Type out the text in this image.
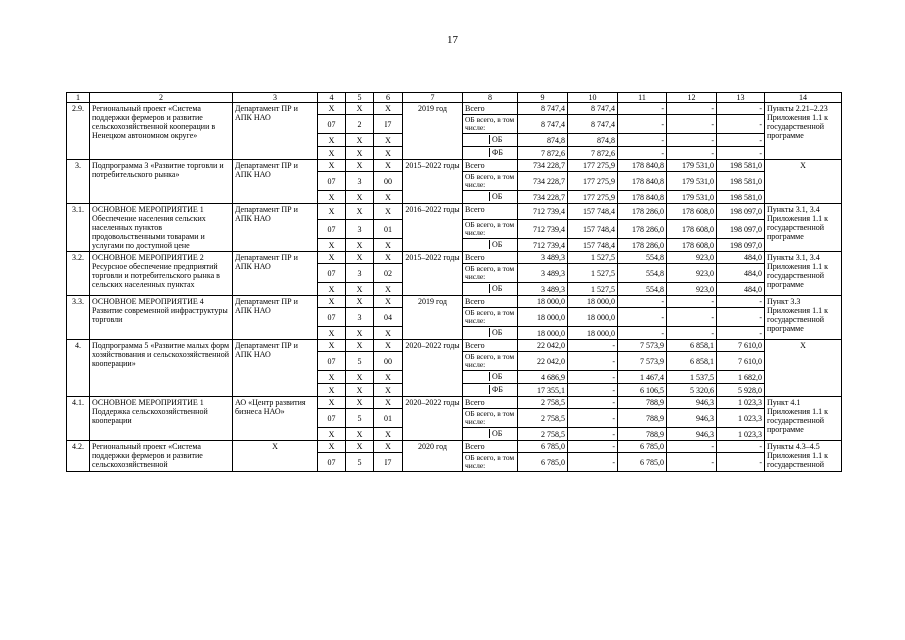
17
1	2	3	4	5	6	7	8	9	10	11	12	13	14
2.9.	Региональный проект «Система поддержки фермеров и развитие сельскохозяйственной кооперации в Ненецком автономном округе»	Департамент ПР и АПК НАО	X	X	X	2019 год	Всего	8 747,4	8 747,4	-	-	-	Пункты 2.21–2.23 Приложения 1.1 к государственной программе
			07	2	I7		ОБ всего, в том числе:	8 747,4	8 747,4	-	-	-	
			X	X	X		ОБ	874,8	874,8	-	-	-	
			X	X	X		ФБ	7 872,6	7 872,6	-	-	-	
3.	Подпрограмма 3 «Развитие торговли и потребительского рынка»	Департамент ПР и АПК НАО	X	X	X	2015–2022 годы	Всего	734 228,7	177 275,9	178 840,8	179 531,0	198 581,0	X
			07	3	00		ОБ всего, в том числе:	734 228,7	177 275,9	178 840,8	179 531,0	198 581,0	
			X	X	X		ОБ	734 228,7	177 275,9	178 840,8	179 531,0	198 581,0	
3.1.	ОСНОВНОЕ МЕРОПРИЯТИЕ 1 Обеспечение населения сельских населенных пунктов продовольственными товарами и услугами по доступной цене	Департамент ПР и АПК НАО	X	X	X	2016–2022 годы	Всего	712 739,4	157 748,4	178 286,0	178 608,0	198 097,0	Пункты 3.1, 3.4 Приложения 1.1 к государственной программе
			07	3	01		ОБ всего, в том числе:	712 739,4	157 748,4	178 286,0	178 608,0	198 097,0	
			X	X	X		ОБ	712 739,4	157 748,4	178 286,0	178 608,0	198 097,0	
3.2.	ОСНОВНОЕ МЕРОПРИЯТИЕ 2 Ресурсное обеспечение предприятий торговли и потребительского рынка в сельских населенных пунктах	Департамент ПР и АПК НАО	X	X	X	2015–2022 годы	Всего	3 489,3	1 527,5	554,8	923,0	484,0	Пункты 3.1, 3.4 Приложения 1.1 к государственной программе
			07	3	02		ОБ всего, в том числе:	3 489,3	1 527,5	554,8	923,0	484,0	
			X	X	X		ОБ	3 489,3	1 527,5	554,8	923,0	484,0	
3.3.	ОСНОВНОЕ МЕРОПРИЯТИЕ 4 Развитие современной инфраструктуры торговли	Департамент ПР и АПК НАО	X	X	X	2019 год	Всего	18 000,0	18 000,0	-	-	-	Пункт 3.3 Приложения 1.1 к государственной программе
			07	3	04		ОБ всего, в том числе:	18 000,0	18 000,0	-	-	-	
			X	X	X		ОБ	18 000,0	18 000,0	-	-	-	
4.	Подпрограмма 5 «Развитие малых форм хозяйствования и сельскохозяйственной кооперации»	Департамент ПР и АПК НАО	X	X	X	2020–2022 годы	Всего	22 042,0	-	7 573,9	6 858,1	7 610,0	X
			07	5	00		ОБ всего, в том числе:	22 042,0	-	7 573,9	6 858,1	7 610,0	
			X	X	X		ОБ	4 686,9	-	1 467,4	1 537,5	1 682,0	
			X	X	X		ФБ	17 355,1	-	6 106,5	5 320,6	5 928,0	
4.1.	ОСНОВНОЕ МЕРОПРИЯТИЕ 1 Поддержка сельскохозяйственной кооперации	АО «Центр развития бизнеса НАО»	X	X	X	2020–2022 годы	Всего	2 758,5	-	788,9	946,3	1 023,3	Пункт 4.1 Приложения 1.1 к государственной программе
			07	5	01		ОБ всего, в том числе:	2 758,5	-	788,9	946,3	1 023,3	
			X	X	X		ОБ	2 758,5	-	788,9	946,3	1 023,3	
4.2.	Региональный проект «Система поддержки фермеров и развитие сельскохозяйственной	X	X	X	X	2020 год	Всего	6 785,0	-	6 785,0	-	-	Пункты 4.3–4.5 Приложения 1.1 к государственной
			07	5	I7		ОБ всего, в том числе:	6 785,0	-	6 785,0	-	-	
